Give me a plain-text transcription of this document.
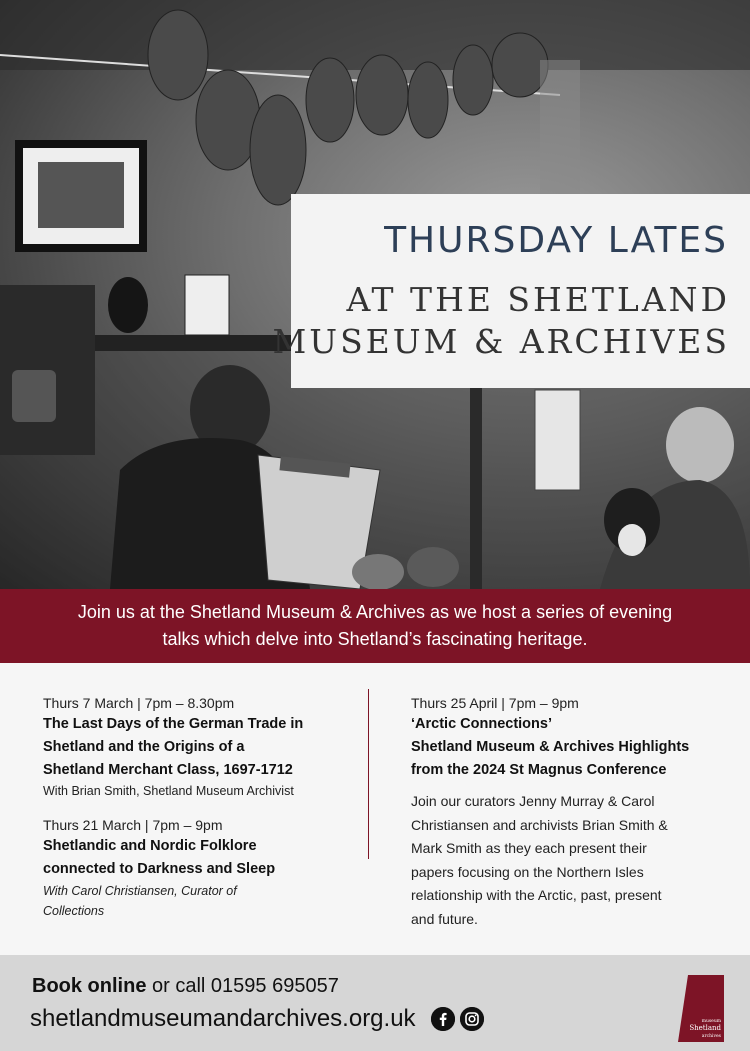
THURSDAY LATES
AT THE SHETLAND
MUSEUM & ARCHIVES
Join us at the Shetland Museum & Archives as we host a series of evening
talks which delve into Shetland’s fascinating heritage.
Thurs 7 March | 7pm – 8.30pm
The Last Days of the German Trade in
Shetland and the Origins of a
Shetland Merchant Class, 1697-1712
With Brian Smith, Shetland Museum Archivist
Thurs 21 March | 7pm – 9pm
Shetlandic and Nordic Folklore
connected to Darkness and Sleep
With Carol Christiansen, Curator of
Collections
Thurs 25 April | 7pm – 9pm
‘Arctic Connections’
Shetland Museum & Archives Highlights
from the 2024 St Magnus Conference
Join our curators Jenny Murray & Carol
Christiansen and archivists Brian Smith &
Mark Smith as they each present their
papers focusing on the Northern Isles
relationship with the Arctic, past, present
and future.
Book online or call 01595 695057
shetlandmuseumandarchives.org.uk	museum
Shetland
archives
